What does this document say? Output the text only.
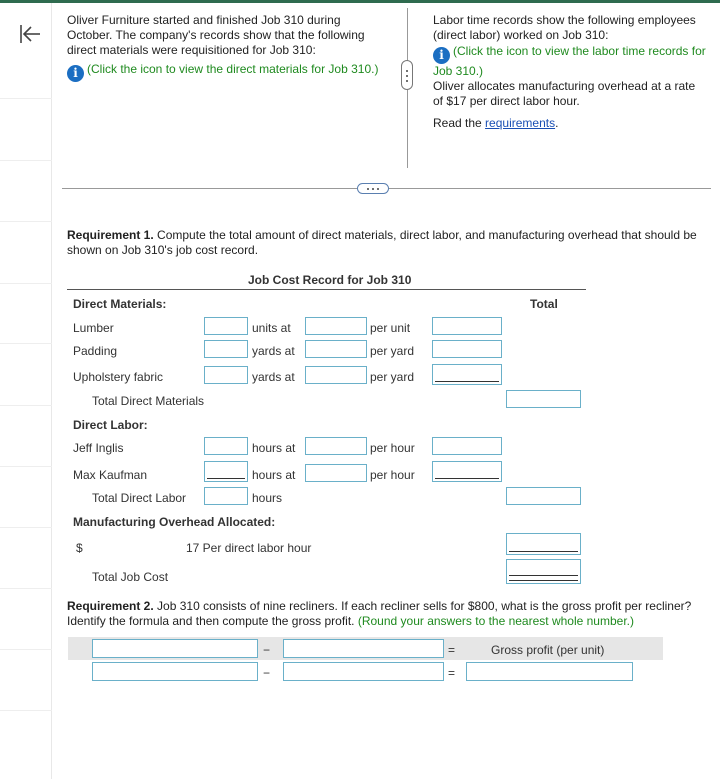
Oliver Furniture started and finished Job 310 during October. The company's records show that the following direct materials were requisitioned for Job 310:
i (Click the icon to view the direct materials for Job 310.)
Labor time records show the following employees (direct labor) worked on Job 310:
i (Click the icon to view the labor time records for Job 310.)
Oliver allocates manufacturing overhead at a rate of $17 per direct labor hour.
Read the requirements.
Requirement 1. Compute the total amount of direct materials, direct labor, and manufacturing overhead that should be shown on Job 310's job cost record.
Job Cost Record for Job 310
Direct Materials:	Total
Lumber	units at	per unit
Padding	yards at	per yard
Upholstery fabric	yards at	per yard
Total Direct Materials
Direct Labor:
Jeff Inglis	hours at	per hour
Max Kaufman	hours at	per hour
Total Direct Labor	hours
Manufacturing Overhead Allocated:
$	17 Per direct labor hour
Total Job Cost
Requirement 2. Job 310 consists of nine recliners. If each recliner sells for $800, what is the gross profit per recliner? Identify the formula and then compute the gross profit. (Round your answers to the nearest whole number.)
−	=	Gross profit (per unit)
−	=
